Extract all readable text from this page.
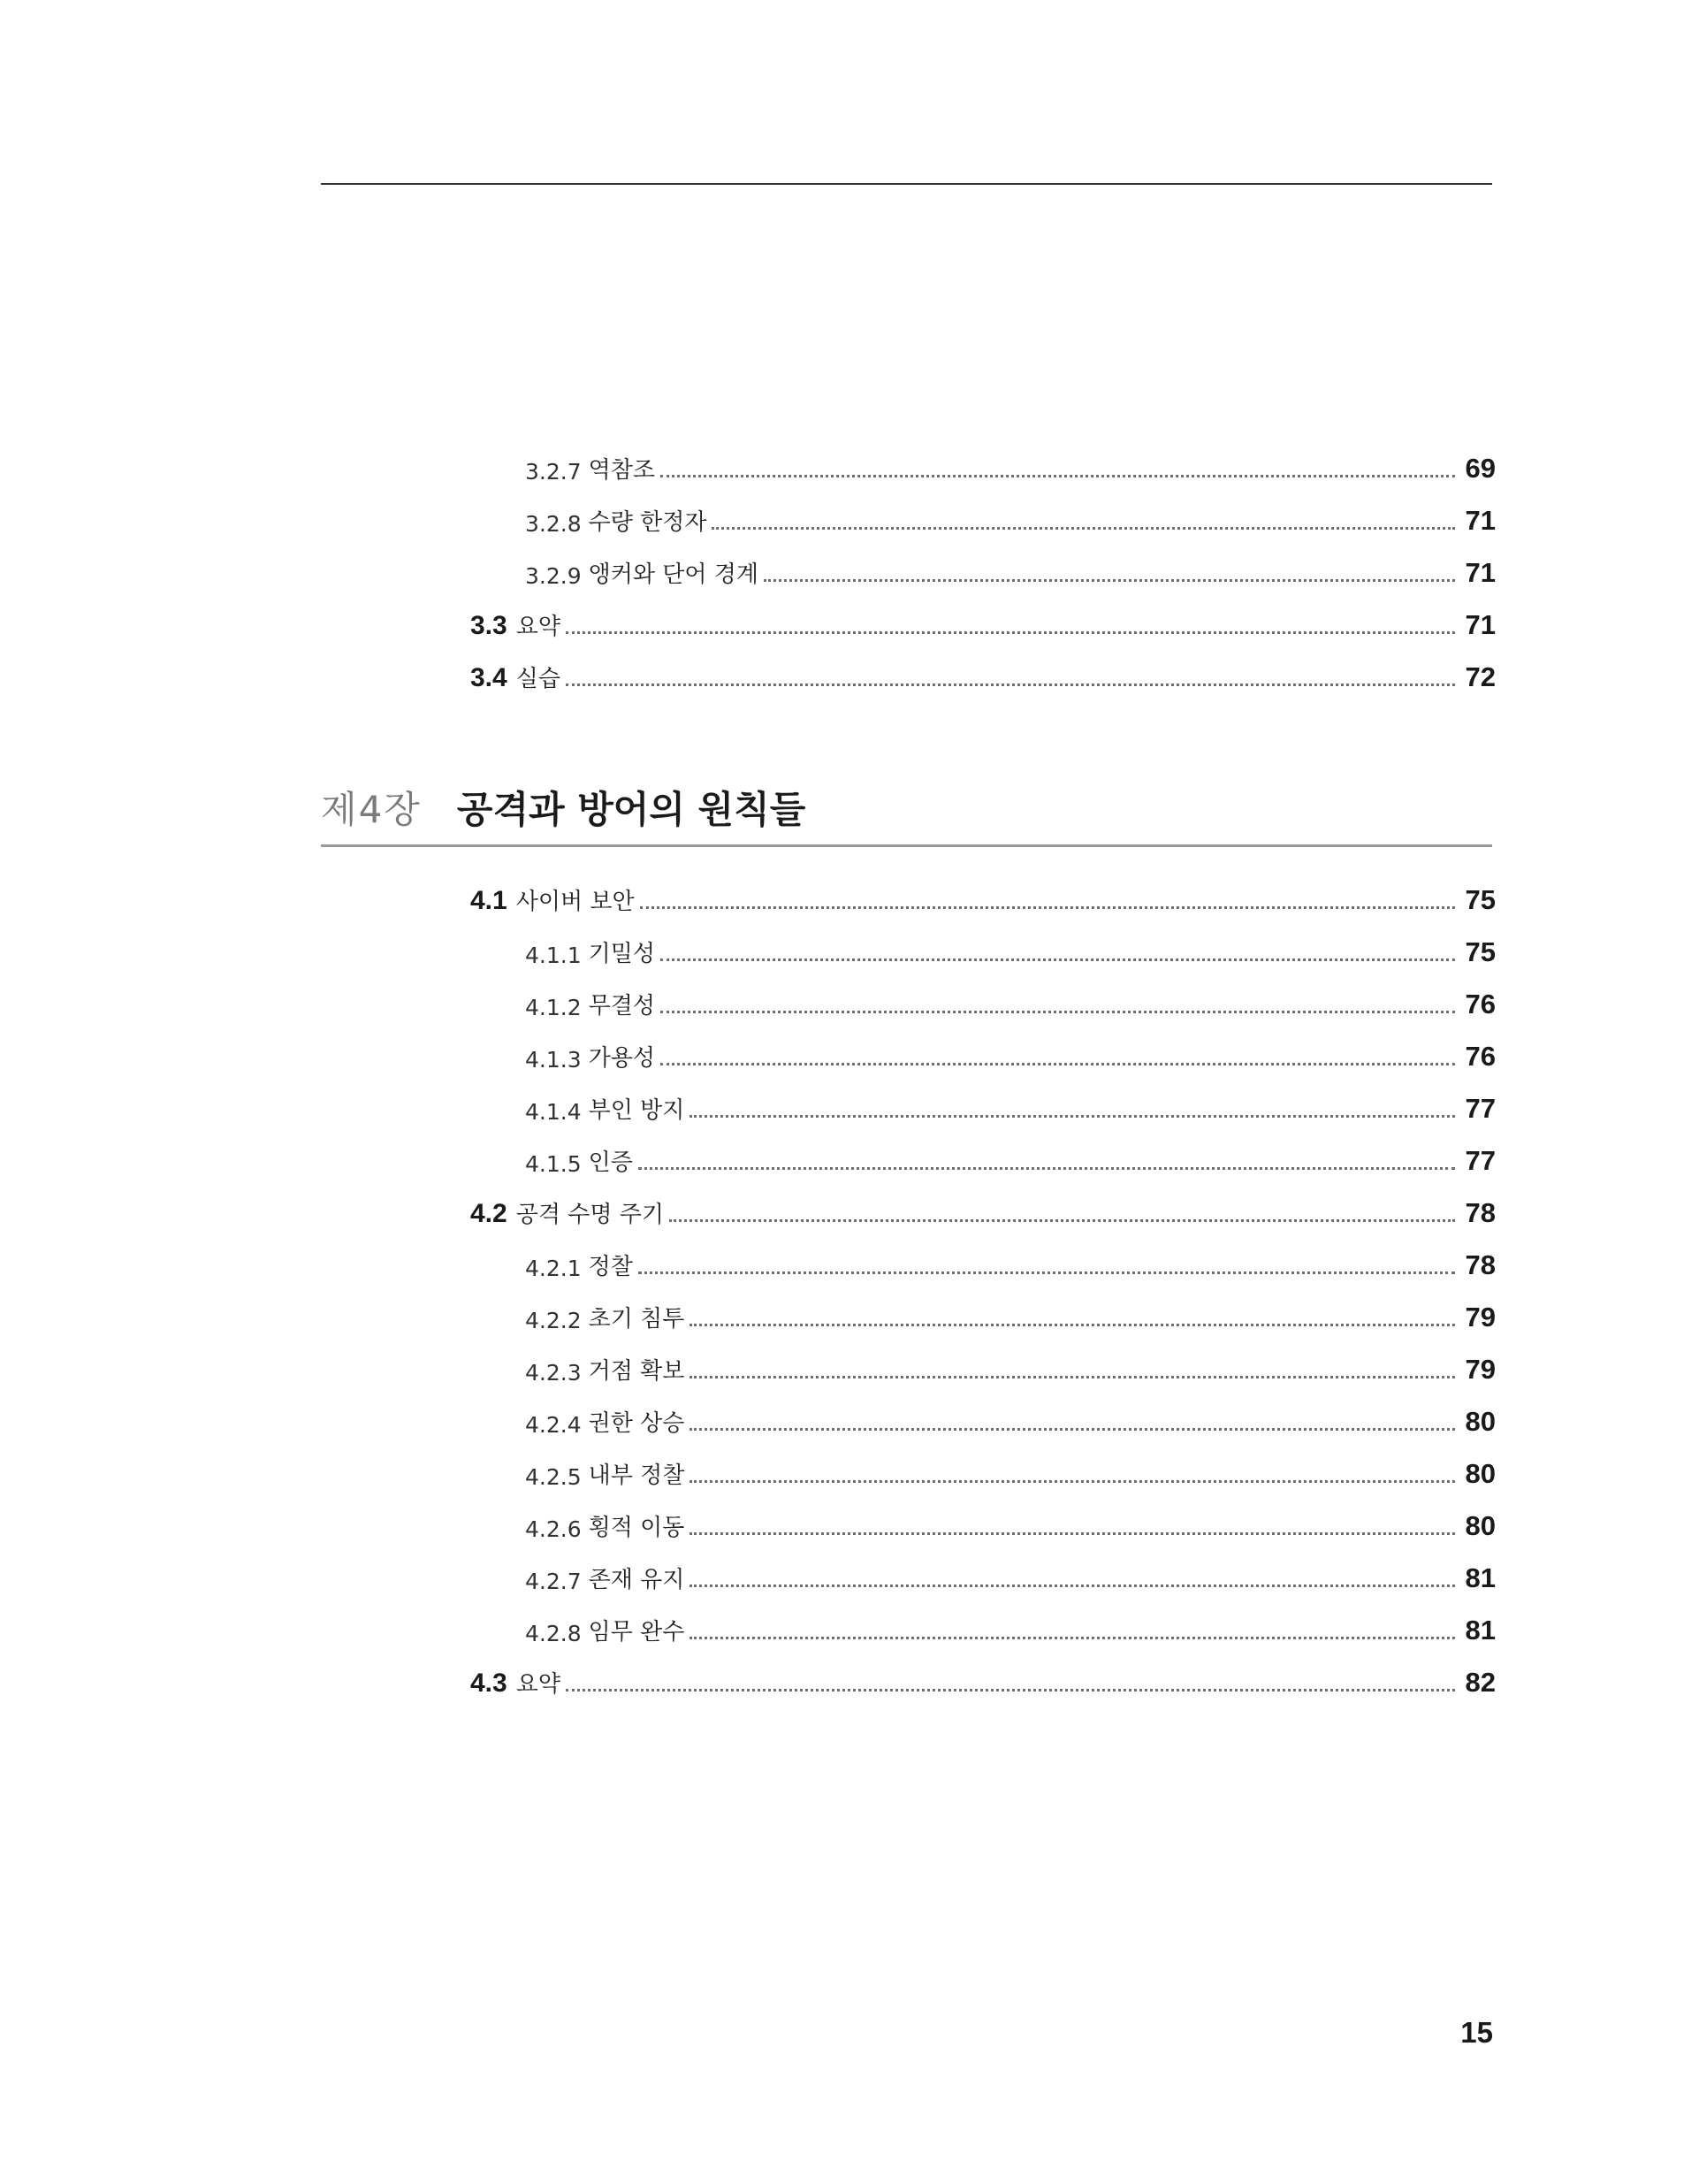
3.2.7 역참조	69
3.2.8 수량 한정자	71
3.2.9 앵커와 단어 경계	71
3.3 요약	71
3.4 실습	72
제4장 공격과 방어의 원칙들
4.1 사이버 보안	75
4.1.1 기밀성	75
4.1.2 무결성	76
4.1.3 가용성	76
4.1.4 부인 방지	77
4.1.5 인증	77
4.2 공격 수명 주기	78
4.2.1 정찰	78
4.2.2 초기 침투	79
4.2.3 거점 확보	79
4.2.4 권한 상승	80
4.2.5 내부 정찰	80
4.2.6 횡적 이동	80
4.2.7 존재 유지	81
4.2.8 임무 완수	81
4.3 요약	82
15
